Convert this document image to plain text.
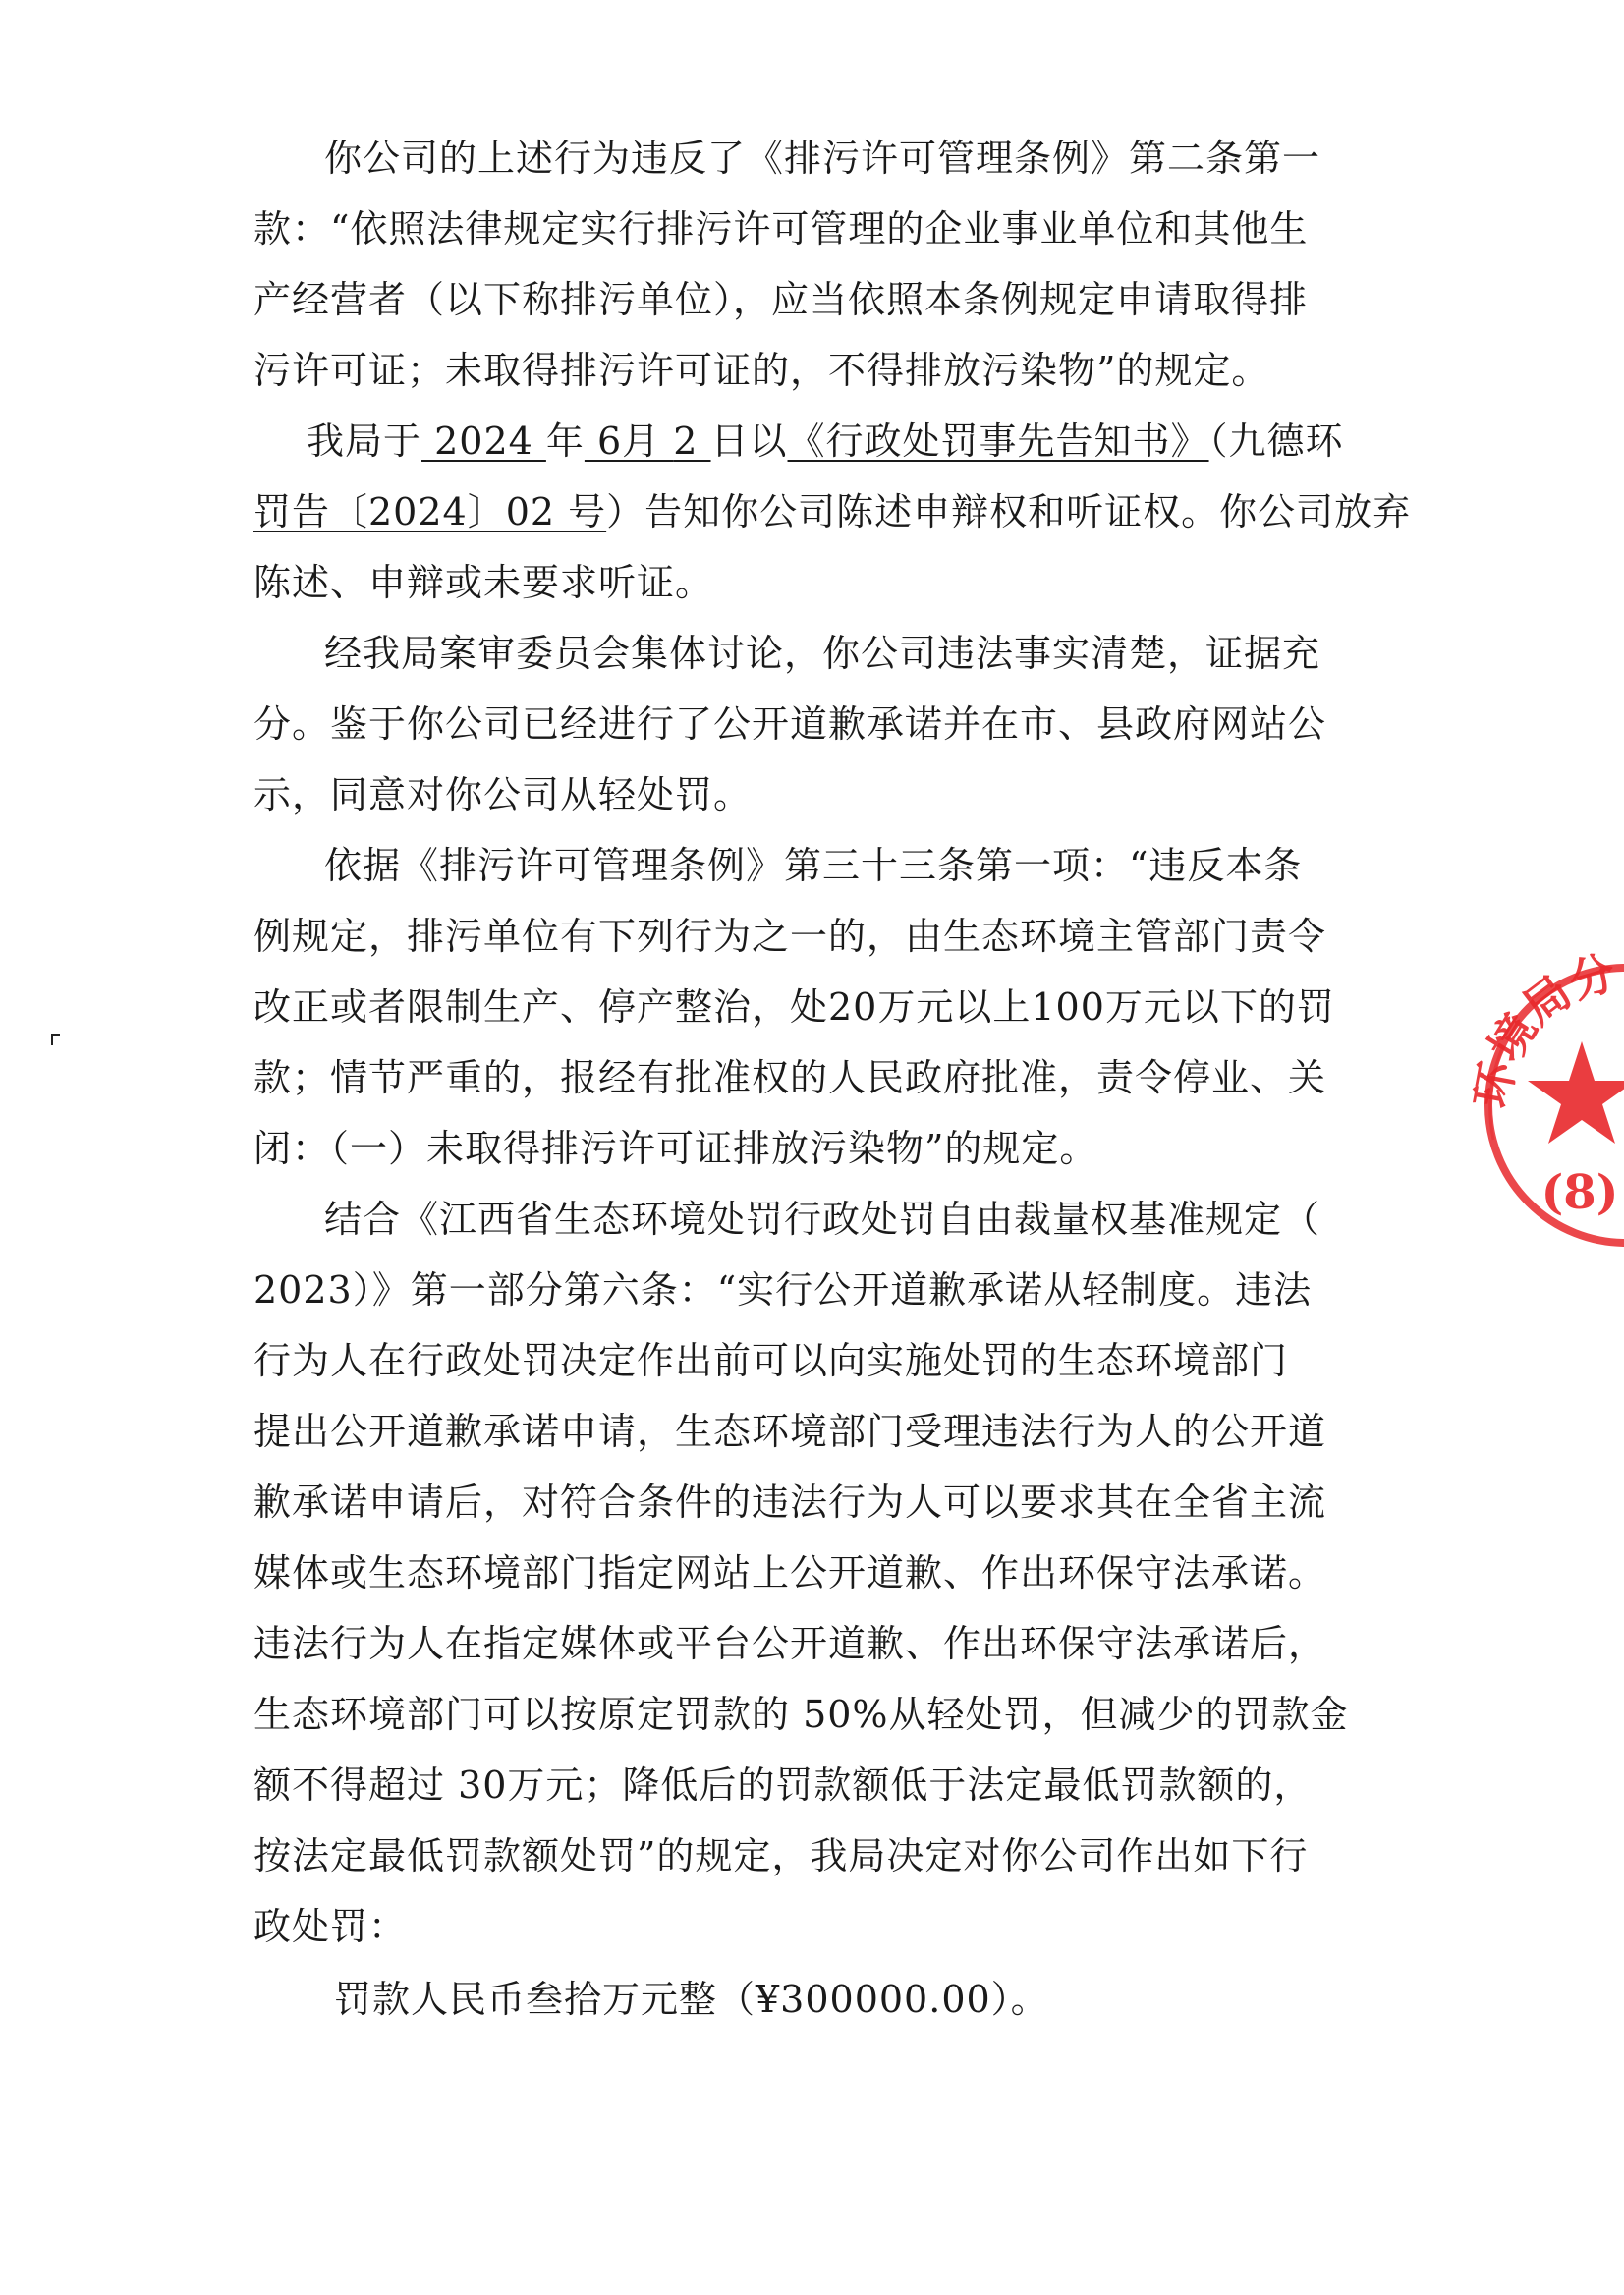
你公司的上述行为违反了《排污许可管理条例》第二条第一
款：“依照法律规定实行排污许可管理的企业事业单位和其他生
产经营者（以下称排污单位），应当依照本条例规定申请取得排
污许可证；未取得排污许可证的，不得排放污染物”的规定。
我局于 2024 年 6月 2 日以《行政处罚事先告知书》（九德环
罚告〔2024〕02 号）告知你公司陈述申辩权和听证权。你公司放弃
陈述、申辩或未要求听证。
经我局案审委员会集体讨论，你公司违法事实清楚，证据充
分。鉴于你公司已经进行了公开道歉承诺并在市、县政府网站公
示，同意对你公司从轻处罚。
依据《排污许可管理条例》第三十三条第一项：“违反本条
例规定，排污单位有下列行为之一的，由生态环境主管部门责令
改正或者限制生产、停产整治，处20万元以上100万元以下的罚
款；情节严重的，报经有批准权的人民政府批准，责令停业、关
闭：（一）未取得排污许可证排放污染物”的规定。
结合《江西省生态环境处罚行政处罚自由裁量权基准规定（
2023）》第一部分第六条：“实行公开道歉承诺从轻制度。违法
行为人在行政处罚决定作出前可以向实施处罚的生态环境部门
提出公开道歉承诺申请，生态环境部门受理违法行为人的公开道
歉承诺申请后，对符合条件的违法行为人可以要求其在全省主流
媒体或生态环境部门指定网站上公开道歉、作出环保守法承诺。
违法行为人在指定媒体或平台公开道歉、作出环保守法承诺后，
生态环境部门可以按原定罚款的 50%从轻处罚，但减少的罚款金
额不得超过 30万元；降低后的罚款额低于法定最低罚款额的，
按法定最低罚款额处罚”的规定，我局决定对你公司作出如下行
政处罚：
罚款人民币叁拾万元整（¥300000.00）。
环境局分
(8)
